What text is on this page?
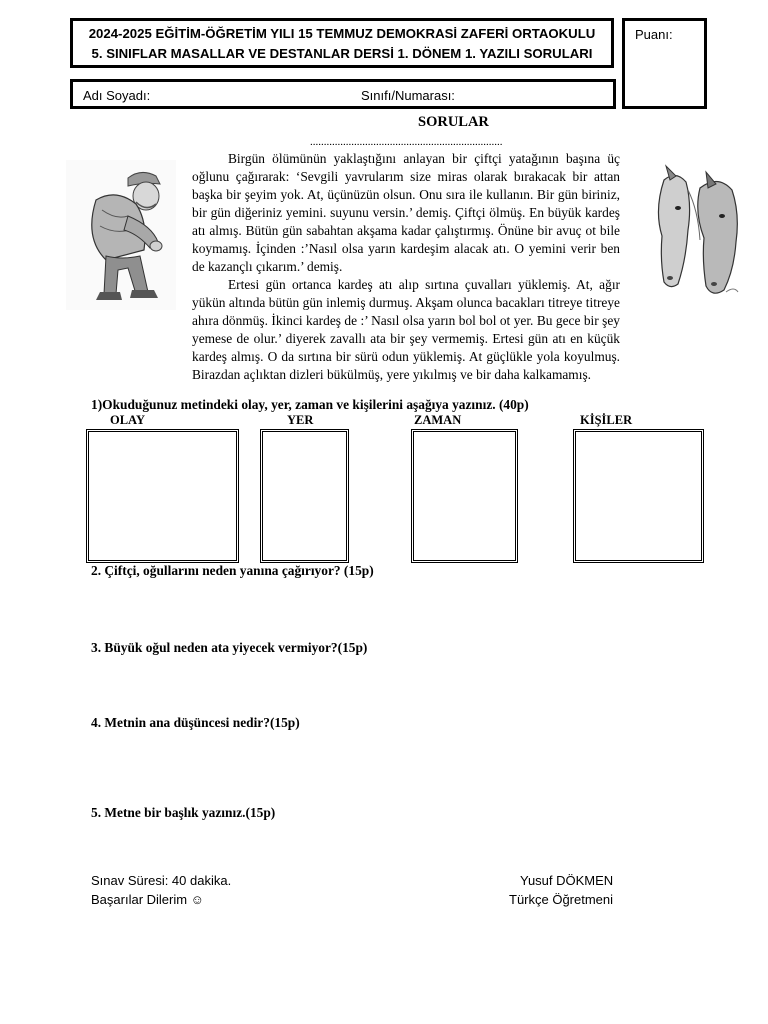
2024-2025 EĞİTİM-ÖĞRETİM YILI 15 TEMMUZ DEMOKRASİ ZAFERİ ORTAOKULU
5. SINIFLAR MASALLAR VE DESTANLAR DERSİ 1. DÖNEM 1. YAZILI SORULARI
Puanı:
Adı Soyadı:	Sınıfı/Numarası:
SORULAR
......................................................................

Birgün ölümünün yaklaştığını anlayan bir çiftçi yatağının başına üç oğlunu çağırarak: ‘Sevgili yavrularım size miras olarak bırakacak bir attan başka bir şeyim yok. At, üçünüzün olsun. Onu sıra ile kullanın. Bir gün biriniz, bir gün diğeriniz yemini. suyunu versin.’ demiş. Çiftçi ölmüş. En büyük kardeş atı almış. Bütün gün sabahtan akşama kadar çalıştırmış. Önüne bir avuç ot bile koymamış. İçinden :’Nasıl olsa yarın kardeşim alacak atı. O yemini verir ben de kazançlı çıkarım.’ demiş.

Ertesi gün ortanca kardeş atı alıp sırtına çuvalları yüklemiş. At, ağır yükün altında bütün gün inlemiş durmuş. Akşam olunca bacakları titreye titreye ahıra dönmüş. İkinci kardeş de :’ Nasıl olsa yarın bol bol ot yer. Bu gece bir şey yemese de olur.’ diyerek zavallı ata bir şey vermemiş. Ertesi gün atı en küçük kardeş almış. O da sırtına bir sürü odun yüklemiş. At güçlükle yola koyulmuş. Birazdan açlıktan dizleri bükülmüş, yere yıkılmış ve bir daha kalkamamış.

1)Okuduğunuz metindeki olay, yer, zaman ve kişilerini aşağıya yazınız. (40p)
OLAY	YER	ZAMAN	KİŞİLER
2. Çiftçi, oğullarını neden yanına çağırıyor? (15p)
3. Büyük oğul neden ata yiyecek vermiyor?(15p)
4. Metnin ana düşüncesi nedir?(15p)
5. Metne bir başlık yazınız.(15p)
Sınav Süresi: 40 dakika.
Başarılar Dilerim ☺
Yusuf DÖKMEN
Türkçe Öğretmeni
